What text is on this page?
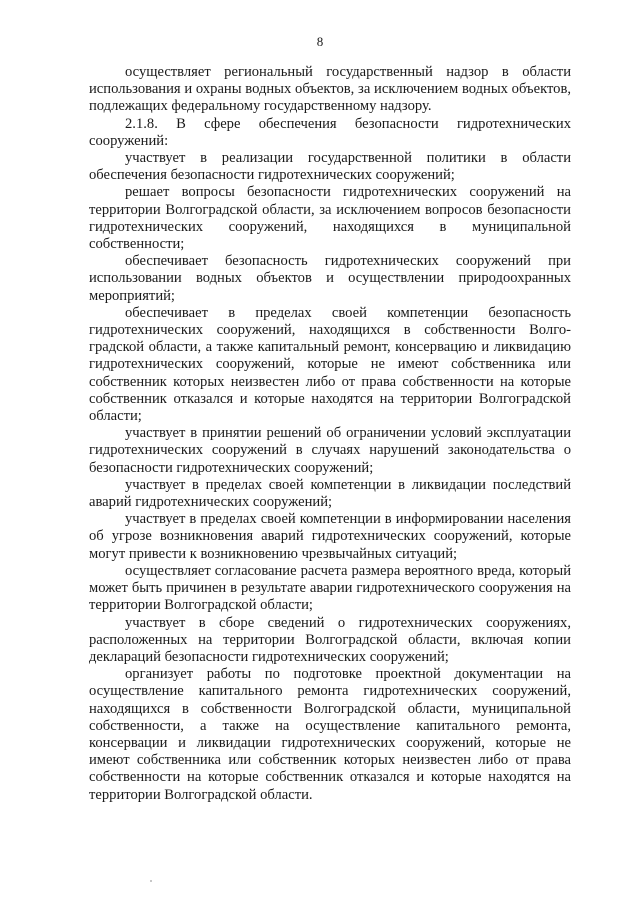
8

осуществляет региональный государственный надзор в области использования и охраны водных объектов, за исключением водных объектов, подлежащих федеральному государственному надзору.

2.1.8. В сфере обеспечения безопасности гидротехнических сооружений:

участвует в реализации государственной политики в области обеспечения безопасности гидротехнических сооружений;

решает вопросы безопасности гидротехнических сооружений на территории Волгоградской области, за исключением вопросов безопасности гидротехнических сооружений, находящихся в муниципальной собственности;

обеспечивает безопасность гидротехнических сооружений при использовании водных объектов и осуществлении природоохранных мероприятий;

обеспечивает в пределах своей компетенции безопасность гидротехнических сооружений, находящихся в собственности Волгоградской области, а также капитальный ремонт, консервацию и ликвидацию гидротехнических сооружений, которые не имеют собственника или собственник которых неизвестен либо от права собственности на которые собственник отказался и которые находятся на территории Волгоградской области;

участвует в принятии решений об ограничении условий эксплуатации гидротехнических сооружений в случаях нарушений законодательства о безопасности гидротехнических сооружений;

участвует в пределах своей компетенции в ликвидации последствий аварий гидротехнических сооружений;

участвует в пределах своей компетенции в информировании населения об угрозе возникновения аварий гидротехнических сооружений, которые могут привести к возникновению чрезвычайных ситуаций;

осуществляет согласование расчета размера вероятного вреда, который может быть причинен в результате аварии гидротехнического сооружения на территории Волгоградской области;

участвует в сборе сведений о гидротехнических сооружениях, расположенных на территории Волгоградской области, включая копии деклараций безопасности гидротехнических сооружений;

организует работы по подготовке проектной документации на осуществление капитального ремонта гидротехнических сооружений, находящихся в собственности Волгоградской области, муниципальной собственности, а также на осуществление капитального ремонта, консервации и ликвидации гидротехнических сооружений, которые не имеют собственника или собственник которых неизвестен либо от права собственности на которые собственник отказался и которые находятся на территории Волгоградской области.
